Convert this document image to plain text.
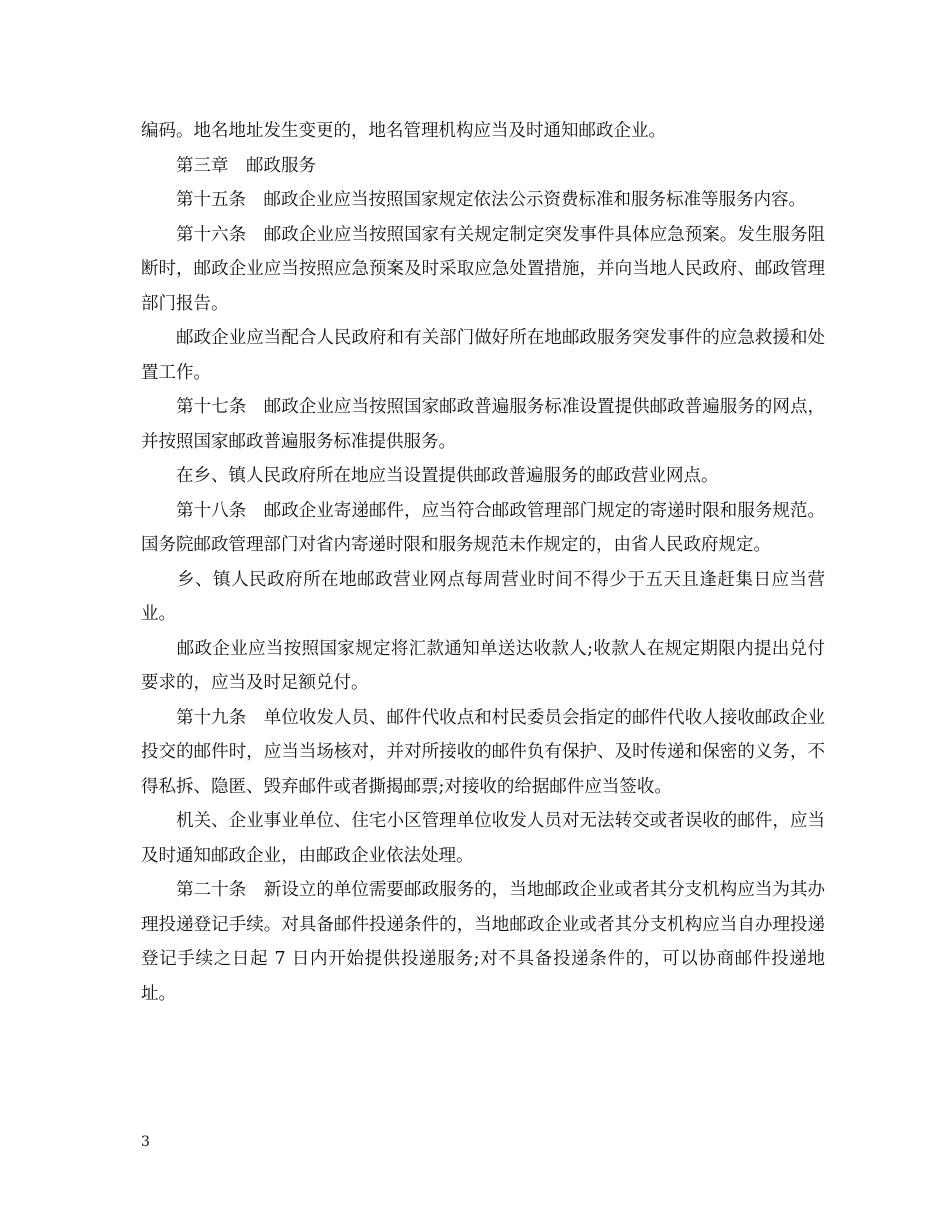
编码。地名地址发生变更的，地名管理机构应当及时通知邮政企业。

　　第三章　邮政服务

　　第十五条　邮政企业应当按照国家规定依法公示资费标准和服务标准等服务内容。

　　第十六条　邮政企业应当按照国家有关规定制定突发事件具体应急预案。发生服务阻断时，邮政企业应当按照应急预案及时采取应急处置措施，并向当地人民政府、邮政管理部门报告。

　　邮政企业应当配合人民政府和有关部门做好所在地邮政服务突发事件的应急救援和处置工作。

　　第十七条　邮政企业应当按照国家邮政普遍服务标准设置提供邮政普遍服务的网点，并按照国家邮政普遍服务标准提供服务。

　　在乡、镇人民政府所在地应当设置提供邮政普遍服务的邮政营业网点。

　　第十八条　邮政企业寄递邮件，应当符合邮政管理部门规定的寄递时限和服务规范。国务院邮政管理部门对省内寄递时限和服务规范未作规定的，由省人民政府规定。

　　乡、镇人民政府所在地邮政营业网点每周营业时间不得少于五天且逢赶集日应当营业。

　　邮政企业应当按照国家规定将汇款通知单送达收款人;收款人在规定期限内提出兑付要求的，应当及时足额兑付。

　　第十九条　单位收发人员、邮件代收点和村民委员会指定的邮件代收人接收邮政企业投交的邮件时，应当当场核对，并对所接收的邮件负有保护、及时传递和保密的义务，不得私拆、隐匿、毁弃邮件或者撕揭邮票;对接收的给据邮件应当签收。

　　机关、企业事业单位、住宅小区管理单位收发人员对无法转交或者误收的邮件，应当及时通知邮政企业，由邮政企业依法处理。

　　第二十条　新设立的单位需要邮政服务的，当地邮政企业或者其分支机构应当为其办理投递登记手续。对具备邮件投递条件的，当地邮政企业或者其分支机构应当自办理投递登记手续之日起 7 日内开始提供投递服务;对不具备投递条件的，可以协商邮件投递地址。

3
